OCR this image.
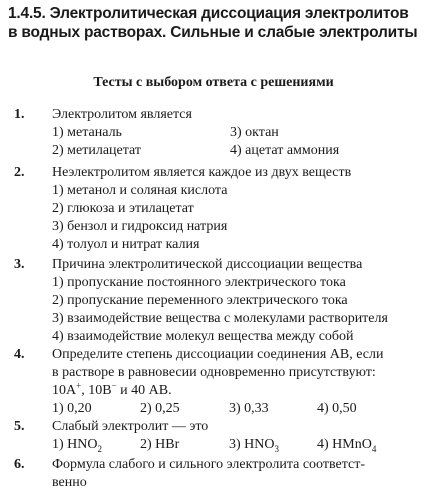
1.4.5. Электролитическая диссоциация электролитов
в водных растворах. Сильные и слабые электролиты
Тесты с выбором ответа с решениями
1. Электролитом является
1) метаналь	3) октан
2) метилацетат	4) ацетат аммония
2. Неэлектролитом является каждое из двух веществ
1) метанол и соляная кислота
2) глюкоза и этилацетат
3) бензол и гидроксид натрия
4) толуол и нитрат калия
3. Причина электролитической диссоциации вещества
1) пропускание постоянного электрического тока
2) пропускание переменного электрического тока
3) взаимодействие вещества с молекулами растворителя
4) взаимодействие молекул вещества между собой
4. Определите степень диссоциации соединения АВ, если
в растворе в равновесии одновременно присутствуют:
10A+, 10B− и 40 АВ.
1) 0,20	2) 0,25	3) 0,33	4) 0,50
5. Слабый электролит — это
1) $HNO_2$	2) HBr	3) $HNO_3$	4) HMnO$_4$
6. Формула слабого и сильного электролита соответст-
венно
